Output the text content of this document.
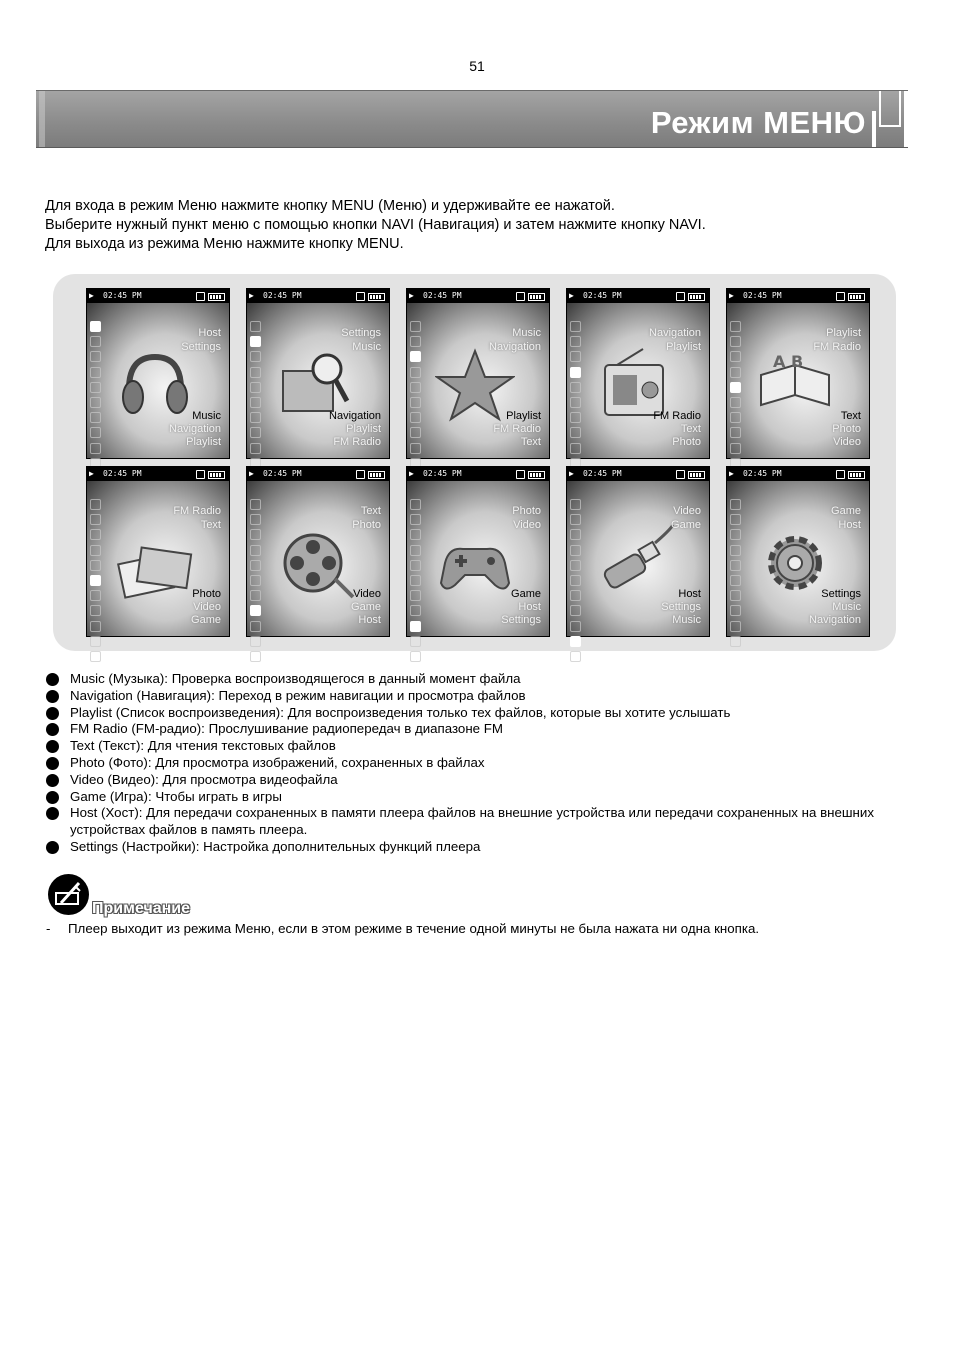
51
Режим МЕНЮ

Для входа в режим Меню нажмите кнопку MENU (Меню) и удерживайте ее нажатой.

Выберите нужный пункт меню с помощью кнопки NAVI (Навигация) и затем нажмите кнопку NAVI.

Для выхода из режима Меню нажмите кнопку MENU.

▶ 02:45 PM
Host
Settings
Music
Navigation
Playlist
▶ 02:45 PM
Settings
Music
Navigation
Playlist
FM Radio
▶ 02:45 PM
Music
Navigation
Playlist
FM Radio
Text
▶ 02:45 PM
Navigation
Playlist
FM Radio
Text
Photo
▶ 02:45 PM
A B
Playlist
FM Radio
Text
Photo
Video
▶ 02:45 PM
FM Radio
Text
Photo
Video
Game
▶ 02:45 PM
Text
Photo
Video
Game
Host
▶ 02:45 PM
Photo
Video
Game
Host
Settings
▶ 02:45 PM
Video
Game
Host
Settings
Music
▶ 02:45 PM
Game
Host
Settings
Music
Navigation
Music (Музыка): Проверка воспроизводящегося в данный момент файла
Navigation (Навигация): Переход в режим навигации и просмотра файлов
Playlist (Список воспроизведения): Для воспроизведения только тех файлов, которые вы хотите услышать
FM Radio (FM-радио): Прослушивание радиопередач в диапазоне FM
Text (Текст): Для чтения текстовых файлов
Photo (Фото): Для просмотра изображений, сохраненных в файлах
Video (Видео): Для просмотра видеофайла
Game (Игра): Чтобы играть в игры
Host (Хост): Для передачи сохраненных в памяти плеера файлов на внешние устройства или передачи сохраненных на внешних устройствах файлов в память плеера.
Settings (Настройки): Настройка дополнительных функций плеера
Примечание
- Плеер выходит из режима Меню, если в этом режиме в течение одной минуты не была нажата ни одна кнопка.
